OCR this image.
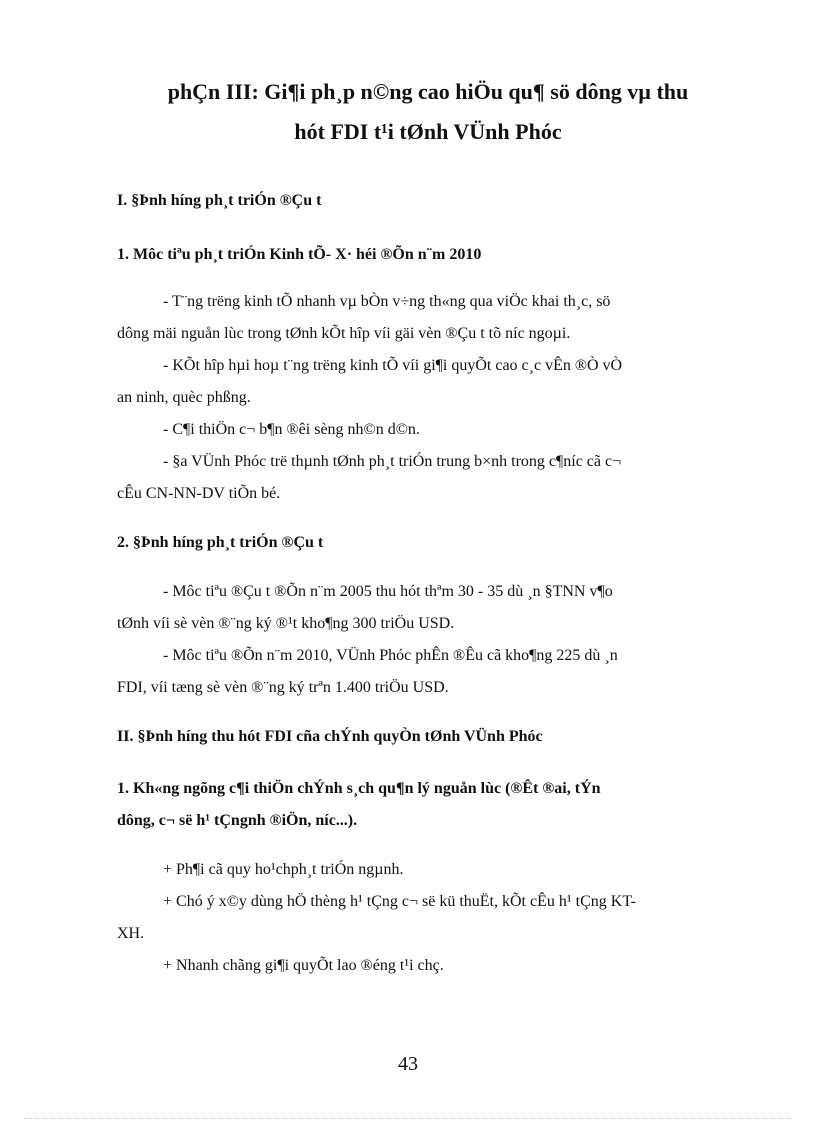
phÇn III: Gi¶i ph¸p n©ng cao hiÖu qu¶ sö dông vµ thu
hót FDI t¹i tØnh VÜnh Phóc
I. §Þnh híng ph¸t triÓn ®Çu t
1. Môc tiªu ph¸t triÓn Kinh tÕ- X· héi ®Õn n¨m 2010
- T¨ng trëng kinh tÕ nhanh vµ bÒn v÷ng th«ng qua viÖc khai th¸c, sö
dông mäi nguån lùc trong tØnh kÕt hîp víi gäi vèn ®Çu t tõ níc ngoµi.
- KÕt hîp hµi hoµ t¨ng trëng kinh tÕ víi gi¶i quyÕt cao c¸c vÊn ®Ò vÒ
an ninh, quèc phßng.
- C¶i thiÖn c¬ b¶n ®êi sèng nh©n d©n.
- §a VÜnh Phóc trë thµnh tØnh ph¸t triÓn trung b×nh trong c¶níc cã c¬
cÊu CN-NN-DV tiÕn bé.
2. §Þnh híng ph¸t triÓn ®Çu t
- Môc tiªu ®Çu t ®Õn n¨m 2005 thu hót thªm 30 - 35 dù ¸n §TNN v¶o
tØnh víi sè vèn ®¨ng ký ®¹t kho¶ng 300 triÖu USD.
- Môc tiªu ®Õn n¨m 2010, VÜnh Phóc phÊn ®Êu cã kho¶ng 225 dù ¸n
FDI, víi tæng sè vèn ®¨ng ký trªn 1.400 triÖu USD.
II. §Þnh híng thu hót FDI cña chÝnh quyÒn tØnh VÜnh Phóc
1. Kh«ng ngõng c¶i thiÖn chÝnh s¸ch qu¶n lý nguån lùc (®Êt ®ai, tÝn
dông, c¬ së h¹ tÇngnh ®iÖn, níc...).
+ Ph¶i cã quy ho¹chph¸t triÓn ngµnh.
+ Chó ý x©y dùng hÖ thèng h¹ tÇng c¬ së kü thuËt, kÕt cÊu h¹ tÇng KT-
XH.
+ Nhanh chãng gi¶i quyÕt lao ®éng t¹i chç.
43
